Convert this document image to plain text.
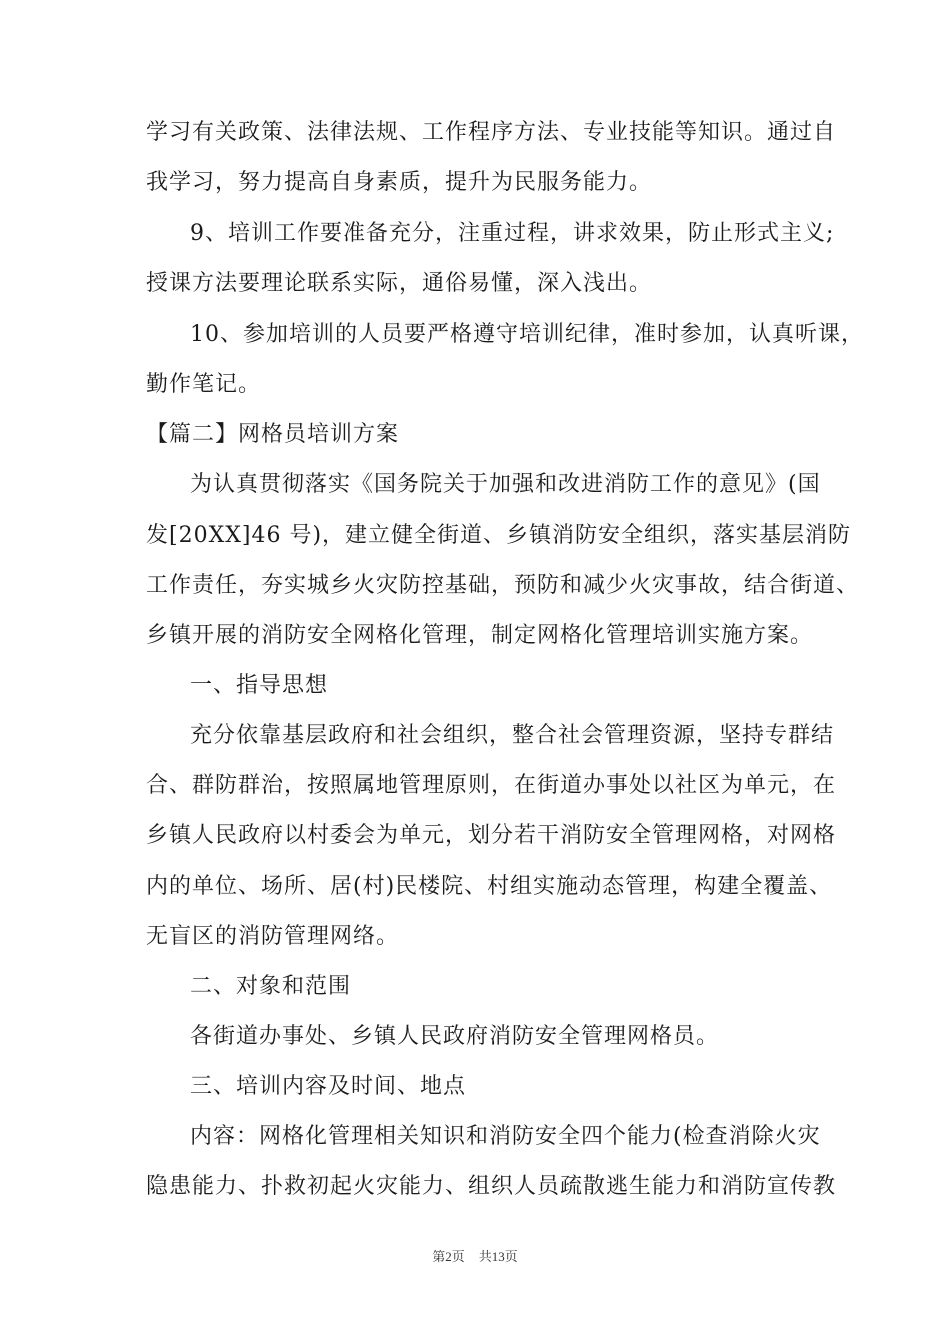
学习有关政策、法律法规、工作程序方法、专业技能等知识。通过自
我学习，努力提高自身素质，提升为民服务能力。
9、培训工作要准备充分，注重过程，讲求效果，防止形式主义;
授课方法要理论联系实际，通俗易懂，深入浅出。
10、参加培训的人员要严格遵守培训纪律，准时参加，认真听课，
勤作笔记。
【篇二】网格员培训方案
为认真贯彻落实《国务院关于加强和改进消防工作的意见》(国
发[20XX]46 号)，建立健全街道、乡镇消防安全组织，落实基层消防
工作责任，夯实城乡火灾防控基础，预防和减少火灾事故，结合街道、
乡镇开展的消防安全网格化管理，制定网格化管理培训实施方案。
一、指导思想
充分依靠基层政府和社会组织，整合社会管理资源，坚持专群结
合、群防群治，按照属地管理原则，在街道办事处以社区为单元，在
乡镇人民政府以村委会为单元，划分若干消防安全管理网格，对网格
内的单位、场所、居(村)民楼院、村组实施动态管理，构建全覆盖、
无盲区的消防管理网络。
二、对象和范围
各街道办事处、乡镇人民政府消防安全管理网格员。
三、培训内容及时间、地点
内容：网格化管理相关知识和消防安全四个能力(检查消除火灾
隐患能力、扑救初起火灾能力、组织人员疏散逃生能力和消防宣传教
第2页 共13页
